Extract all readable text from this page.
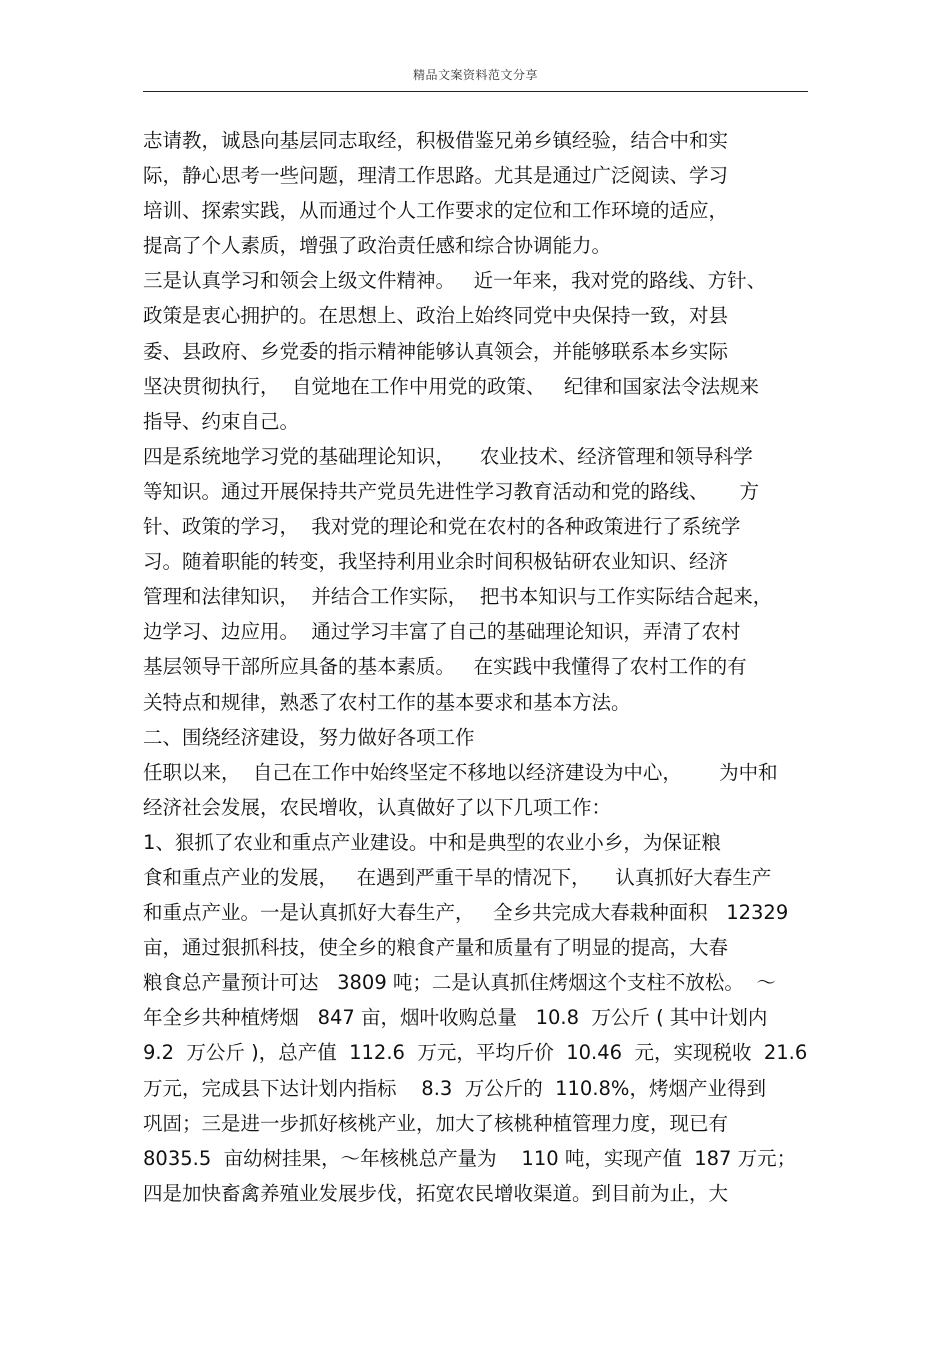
精品文案资料范文分享
志请教，诚恳向基层同志取经，积极借鉴兄弟乡镇经验，结合中和实
际，静心思考一些问题，理清工作思路。尤其是通过广泛阅读、学习
培训、探索实践，从而通过个人工作要求的定位和工作环境的适应，
提高了个人素质，增强了政治责任感和综合协调能力。
三是认真学习和领会上级文件精神。   近一年来，我对党的路线、方针、
政策是衷心拥护的。在思想上、政治上始终同党中央保持一致，对县
委、县政府、乡党委的指示精神能够认真领会，并能够联系本乡实际
坚决贯彻执行，  自觉地在工作中用党的政策、   纪律和国家法令法规来
指导、约束自己。
四是系统地学习党的基础理论知识，    农业技术、经济管理和领导科学
等知识。通过开展保持共产党员先进性学习教育活动和党的路线、     方
针、政策的学习，  我对党的理论和党在农村的各种政策进行了系统学
习。随着职能的转变，我坚持利用业余时间积极钻研农业知识、经济
管理和法律知识，  并结合工作实际，  把书本知识与工作实际结合起来，
边学习、边应用。  通过学习丰富了自己的基础理论知识，弄清了农村
基层领导干部所应具备的基本素质。   在实践中我懂得了农村工作的有
关特点和规律，熟悉了农村工作的基本要求和基本方法。
二、围绕经济建设，努力做好各项工作
任职以来，  自己在工作中始终坚定不移地以经济建设为中心，      为中和
经济社会发展，农民增收，认真做好了以下几项工作：
1、狠抓了农业和重点产业建设。中和是典型的农业小乡，为保证粮
食和重点产业的发展，   在遇到严重干旱的情况下，    认真抓好大春生产
和重点产业。一是认真抓好大春生产，   全乡共完成大春栽种面积   12329
亩，通过狠抓科技，使全乡的粮食产量和质量有了明显的提高，大春
粮食总产量预计可达   3809 吨；二是认真抓住烤烟这个支柱不放松。  ～
年全乡共种植烤烟   847 亩，烟叶收购总量   10.8  万公斤 ( 其中计划内
9.2  万公斤 )，总产值  112.6  万元，平均斤价  10.46  元，实现税收  21.6
万元，完成县下达计划内指标    8.3  万公斤的  110.8%，烤烟产业得到
巩固；三是进一步抓好核桃产业，加大了核桃种植管理力度，现已有
8035.5  亩幼树挂果，～年核桃总产量为    110 吨，实现产值  187 万元；
四是加快畜禽养殖业发展步伐，拓宽农民增收渠道。到目前为止，大
